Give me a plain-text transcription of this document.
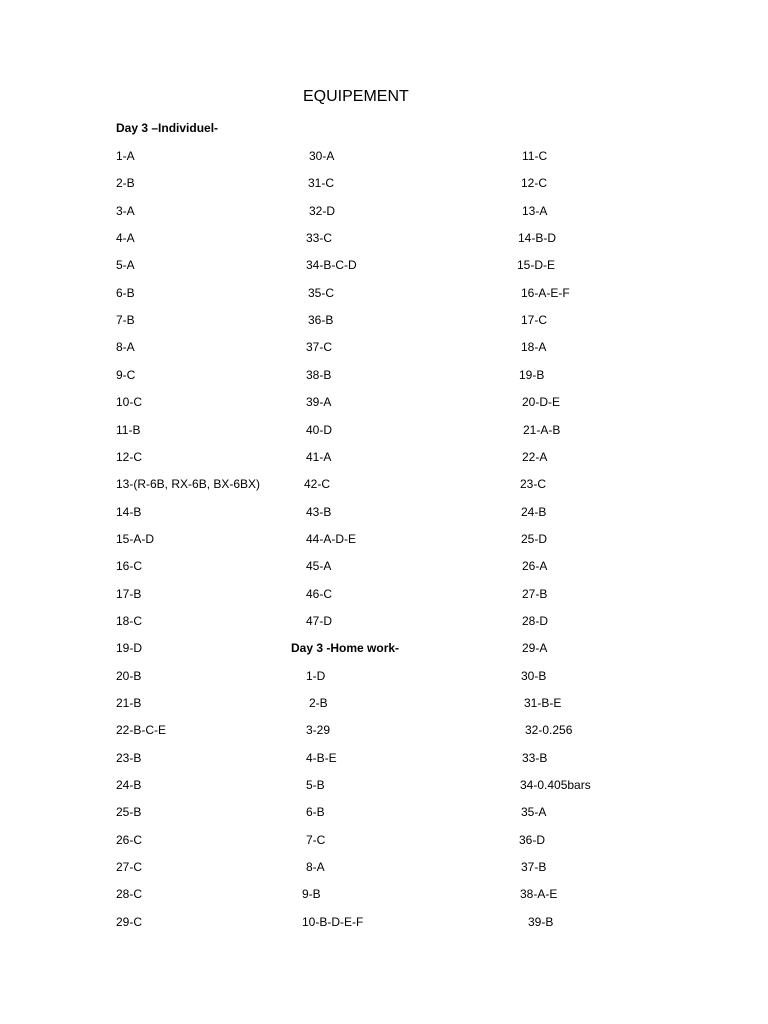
EQUIPEMENT
Day 3 –Individuel-
1-A	30-A	11-C
2-B	31-C	12-C
3-A	32-D	13-A
4-A	33-C	14-B-D
5-A	34-B-C-D	15-D-E
6-B	35-C	16-A-E-F
7-B	36-B	17-C
8-A	37-C	18-A
9-C	38-B	19-B
10-C	39-A	20-D-E
11-B	40-D	21-A-B
12-C	41-A	22-A
13-(R-6B, RX-6B, BX-6BX)	42-C	23-C
14-B	43-B	24-B
15-A-D	44-A-D-E	25-D
16-C	45-A	26-A
17-B	46-C	27-B
18-C	47-D	28-D
19-D	Day 3 -Home work-	29-A
20-B	1-D	30-B
21-B	2-B	31-B-E
22-B-C-E	3-29	32-0.256
23-B	4-B-E	33-B
24-B	5-B	34-0.405bars
25-B	6-B	35-A
26-C	7-C	36-D
27-C	8-A	37-B
28-C	9-B	38-A-E
29-C	10-B-D-E-F	39-B
